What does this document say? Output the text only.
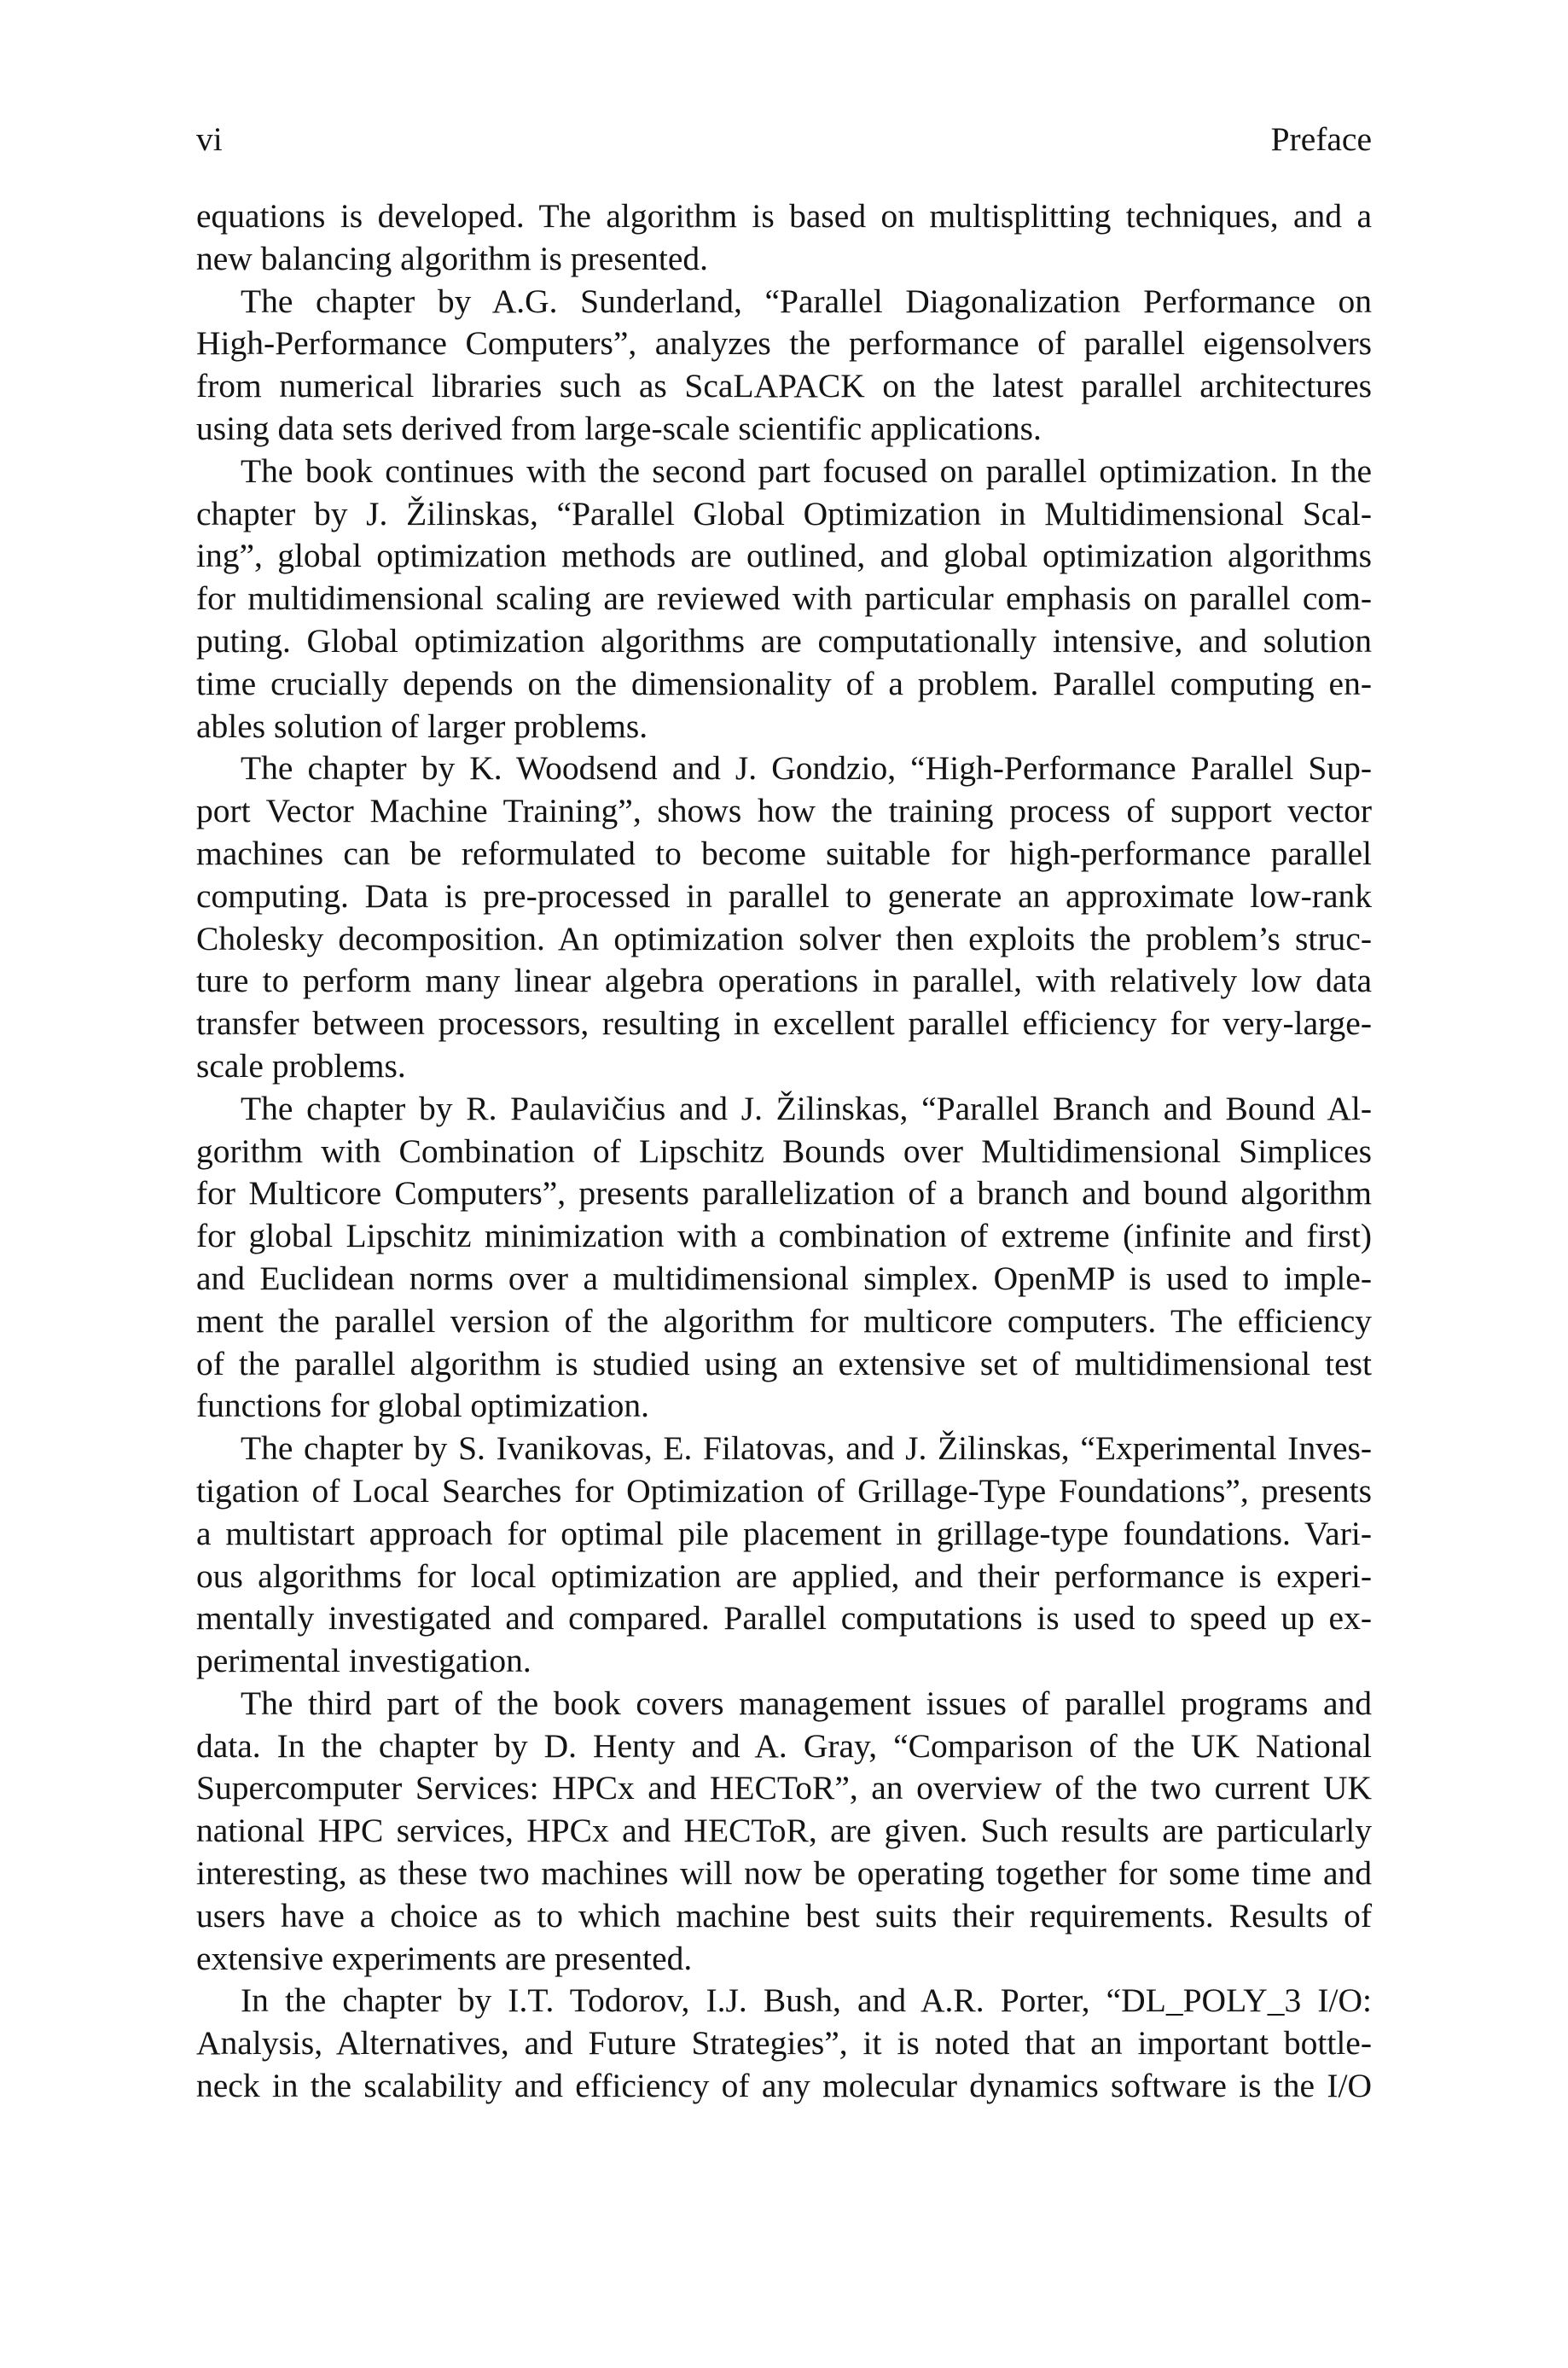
vi	Preface
equations is developed. The algorithm is based on multisplitting techniques, and a
new balancing algorithm is presented.
The chapter by A.G. Sunderland, “Parallel Diagonalization Performance on
High-Performance Computers”, analyzes the performance of parallel eigensolvers
from numerical libraries such as ScaLAPACK on the latest parallel architectures
using data sets derived from large-scale scientific applications.
The book continues with the second part focused on parallel optimization. In the
chapter by J. Žilinskas, “Parallel Global Optimization in Multidimensional Scal-
ing”, global optimization methods are outlined, and global optimization algorithms
for multidimensional scaling are reviewed with particular emphasis on parallel com-
puting. Global optimization algorithms are computationally intensive, and solution
time crucially depends on the dimensionality of a problem. Parallel computing en-
ables solution of larger problems.
The chapter by K. Woodsend and J. Gondzio, “High-Performance Parallel Sup-
port Vector Machine Training”, shows how the training process of support vector
machines can be reformulated to become suitable for high-performance parallel
computing. Data is pre-processed in parallel to generate an approximate low-rank
Cholesky decomposition. An optimization solver then exploits the problem’s struc-
ture to perform many linear algebra operations in parallel, with relatively low data
transfer between processors, resulting in excellent parallel efficiency for very-large-
scale problems.
The chapter by R. Paulavičius and J. Žilinskas, “Parallel Branch and Bound Al-
gorithm with Combination of Lipschitz Bounds over Multidimensional Simplices
for Multicore Computers”, presents parallelization of a branch and bound algorithm
for global Lipschitz minimization with a combination of extreme (infinite and first)
and Euclidean norms over a multidimensional simplex. OpenMP is used to imple-
ment the parallel version of the algorithm for multicore computers. The efficiency
of the parallel algorithm is studied using an extensive set of multidimensional test
functions for global optimization.
The chapter by S. Ivanikovas, E. Filatovas, and J. Žilinskas, “Experimental Inves-
tigation of Local Searches for Optimization of Grillage-Type Foundations”, presents
a multistart approach for optimal pile placement in grillage-type foundations. Vari-
ous algorithms for local optimization are applied, and their performance is experi-
mentally investigated and compared. Parallel computations is used to speed up ex-
perimental investigation.
The third part of the book covers management issues of parallel programs and
data. In the chapter by D. Henty and A. Gray, “Comparison of the UK National
Supercomputer Services: HPCx and HECToR”, an overview of the two current UK
national HPC services, HPCx and HECToR, are given. Such results are particularly
interesting, as these two machines will now be operating together for some time and
users have a choice as to which machine best suits their requirements. Results of
extensive experiments are presented.
In the chapter by I.T. Todorov, I.J. Bush, and A.R. Porter, “DL_POLY_3 I/O:
Analysis, Alternatives, and Future Strategies”, it is noted that an important bottle-
neck in the scalability and efficiency of any molecular dynamics software is the I/O
